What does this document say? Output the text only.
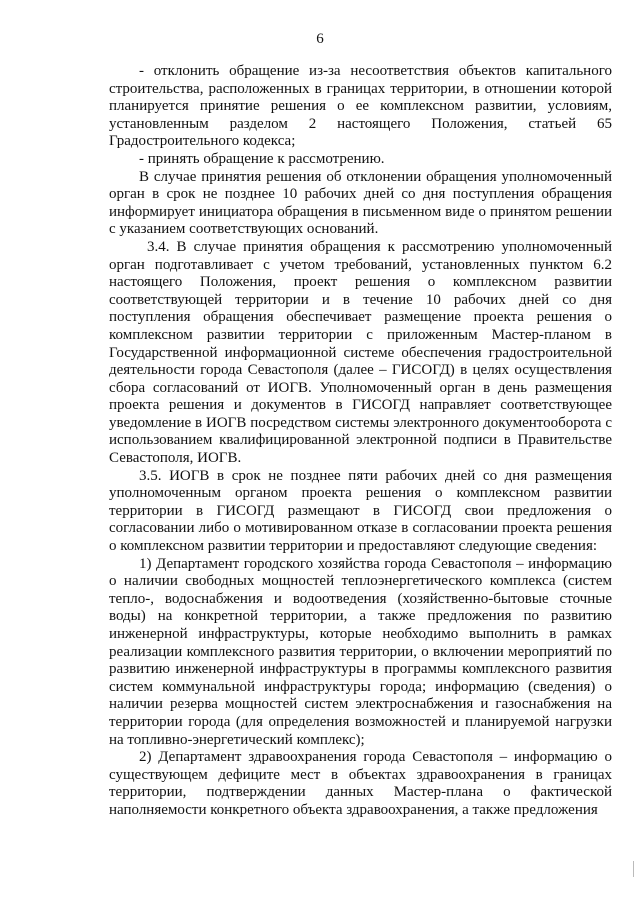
6

- отклонить обращение из-за несоответствия объектов капитального строительства, расположенных в границах территории, в отношении которой планируется принятие решения о ее комплексном развитии, условиям, установленным разделом 2 настоящего Положения, статьей 65 Градостроительного кодекса;

- принять обращение к рассмотрению.

В случае принятия решения об отклонении обращения уполномоченный орган в срок не позднее 10 рабочих дней со дня поступления обращения информирует инициатора обращения в письменном виде о принятом решении с указанием соответствующих оснований.

3.4. В случае принятия обращения к рассмотрению уполномоченный орган подготавливает с учетом требований, установленных пунктом 6.2 настоящего Положения, проект решения о комплексном развитии соответствующей территории и в течение 10 рабочих дней со дня поступления обращения обеспечивает размещение проекта решения о комплексном развитии территории с приложенным Мастер-планом в Государственной информационной системе обеспечения градостроительной деятельности города Севастополя (далее – ГИСОГД) в целях осуществления сбора согласований от ИОГВ. Уполномоченный орган в день размещения проекта решения и документов в ГИСОГД направляет соответствующее уведомление в ИОГВ посредством системы электронного документооборота с использованием квалифицированной электронной подписи в Правительстве Севастополя, ИОГВ.

3.5. ИОГВ в срок не позднее пяти рабочих дней со дня размещения уполномоченным органом проекта решения о комплексном развитии территории в ГИСОГД размещают в ГИСОГД свои предложения о согласовании либо о мотивированном отказе в согласовании проекта решения о комплексном развитии территории и предоставляют следующие сведения:

1) Департамент городского хозяйства города Севастополя – информацию о наличии свободных мощностей теплоэнергетического комплекса (систем тепло-, водоснабжения и водоотведения (хозяйственно-бытовые сточные воды) на конкретной территории, а также предложения по развитию инженерной инфраструктуры, которые необходимо выполнить в рамках реализации комплексного развития территории, о включении мероприятий по развитию инженерной инфраструктуры в программы комплексного развития систем коммунальной инфраструктуры города; информацию (сведения) о наличии резерва мощностей систем электроснабжения и газоснабжения на территории города (для определения возможностей и планируемой нагрузки на топливно-энергетический комплекс);

2) Департамент здравоохранения города Севастополя – информацию о существующем дефиците мест в объектах здравоохранения в границах территории, подтверждении данных Мастер-плана о фактической наполняемости конкретного объекта здравоохранения, а также предложения
